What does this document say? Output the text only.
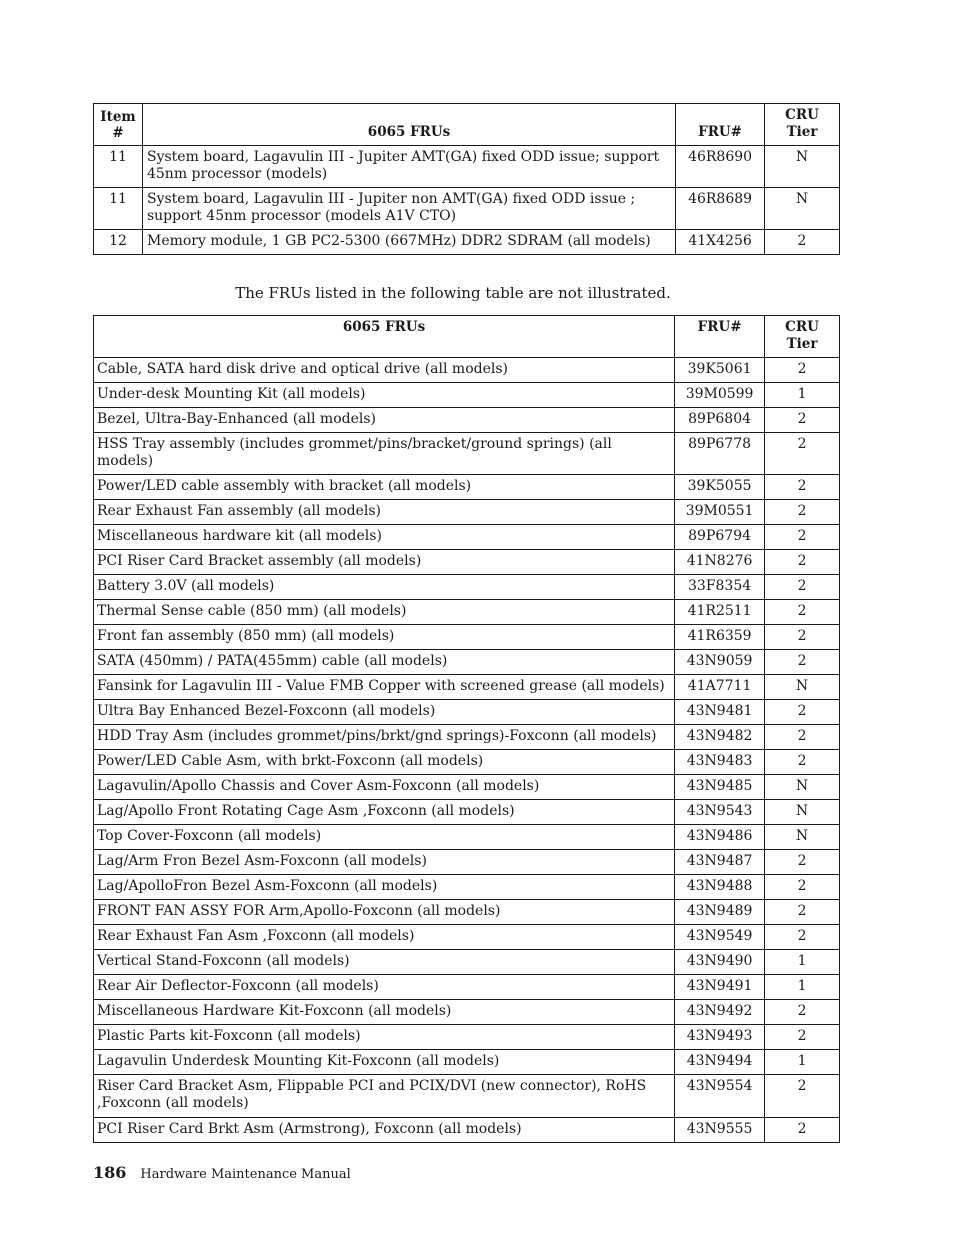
Item
#	6065 FRUs	FRU#	CRU Tier
11	System board, Lagavulin III - Jupiter AMT(GA) fixed ODD issue; support 45nm processor (models)	46R8690	N
11	System board, Lagavulin III - Jupiter non AMT(GA) fixed ODD issue ; support 45nm processor (models A1V CTO)	46R8689	N
12	Memory module, 1 GB PC2-5300 (667MHz) DDR2 SDRAM (all models)	41X4256	2
The FRUs listed in the following table are not illustrated.
6065 FRUs	FRU#	CRU Tier
Cable, SATA hard disk drive and optical drive (all models)	39K5061	2
Under-desk Mounting Kit (all models)	39M0599	1
Bezel, Ultra-Bay-Enhanced (all models)	89P6804	2
HSS Tray assembly (includes grommet/pins/bracket/ground springs) (all models)	89P6778	2
Power/LED cable assembly with bracket (all models)	39K5055	2
Rear Exhaust Fan assembly (all models)	39M0551	2
Miscellaneous hardware kit (all models)	89P6794	2
PCI Riser Card Bracket assembly (all models)	41N8276	2
Battery 3.0V (all models)	33F8354	2
Thermal Sense cable (850 mm) (all models)	41R2511	2
Front fan assembly (850 mm) (all models)	41R6359	2
SATA (450mm) / PATA(455mm) cable (all models)	43N9059	2
Fansink for Lagavulin III - Value FMB Copper with screened grease (all models)	41A7711	N
Ultra Bay Enhanced Bezel-Foxconn (all models)	43N9481	2
HDD Tray Asm (includes grommet/pins/brkt/gnd springs)-Foxconn (all models)	43N9482	2
Power/LED Cable Asm, with brkt-Foxconn (all models)	43N9483	2
Lagavulin/Apollo Chassis and Cover Asm-Foxconn (all models)	43N9485	N
Lag/Apollo Front Rotating Cage Asm ,Foxconn (all models)	43N9543	N
Top Cover-Foxconn (all models)	43N9486	N
Lag/Arm Fron Bezel Asm-Foxconn (all models)	43N9487	2
Lag/ApolloFron Bezel Asm-Foxconn (all models)	43N9488	2
FRONT FAN ASSY FOR Arm,Apollo-Foxconn (all models)	43N9489	2
Rear Exhaust Fan Asm ,Foxconn (all models)	43N9549	2
Vertical Stand-Foxconn (all models)	43N9490	1
Rear Air Deflector-Foxconn (all models)	43N9491	1
Miscellaneous Hardware Kit-Foxconn (all models)	43N9492	2
Plastic Parts kit-Foxconn (all models)	43N9493	2
Lagavulin Underdesk Mounting Kit-Foxconn (all models)	43N9494	1
Riser Card Bracket Asm, Flippable PCI and PCIX/DVI (new connector), RoHS ,Foxconn (all models)	43N9554	2
PCI Riser Card Brkt Asm (Armstrong), Foxconn (all models)	43N9555	2
186 Hardware Maintenance Manual
